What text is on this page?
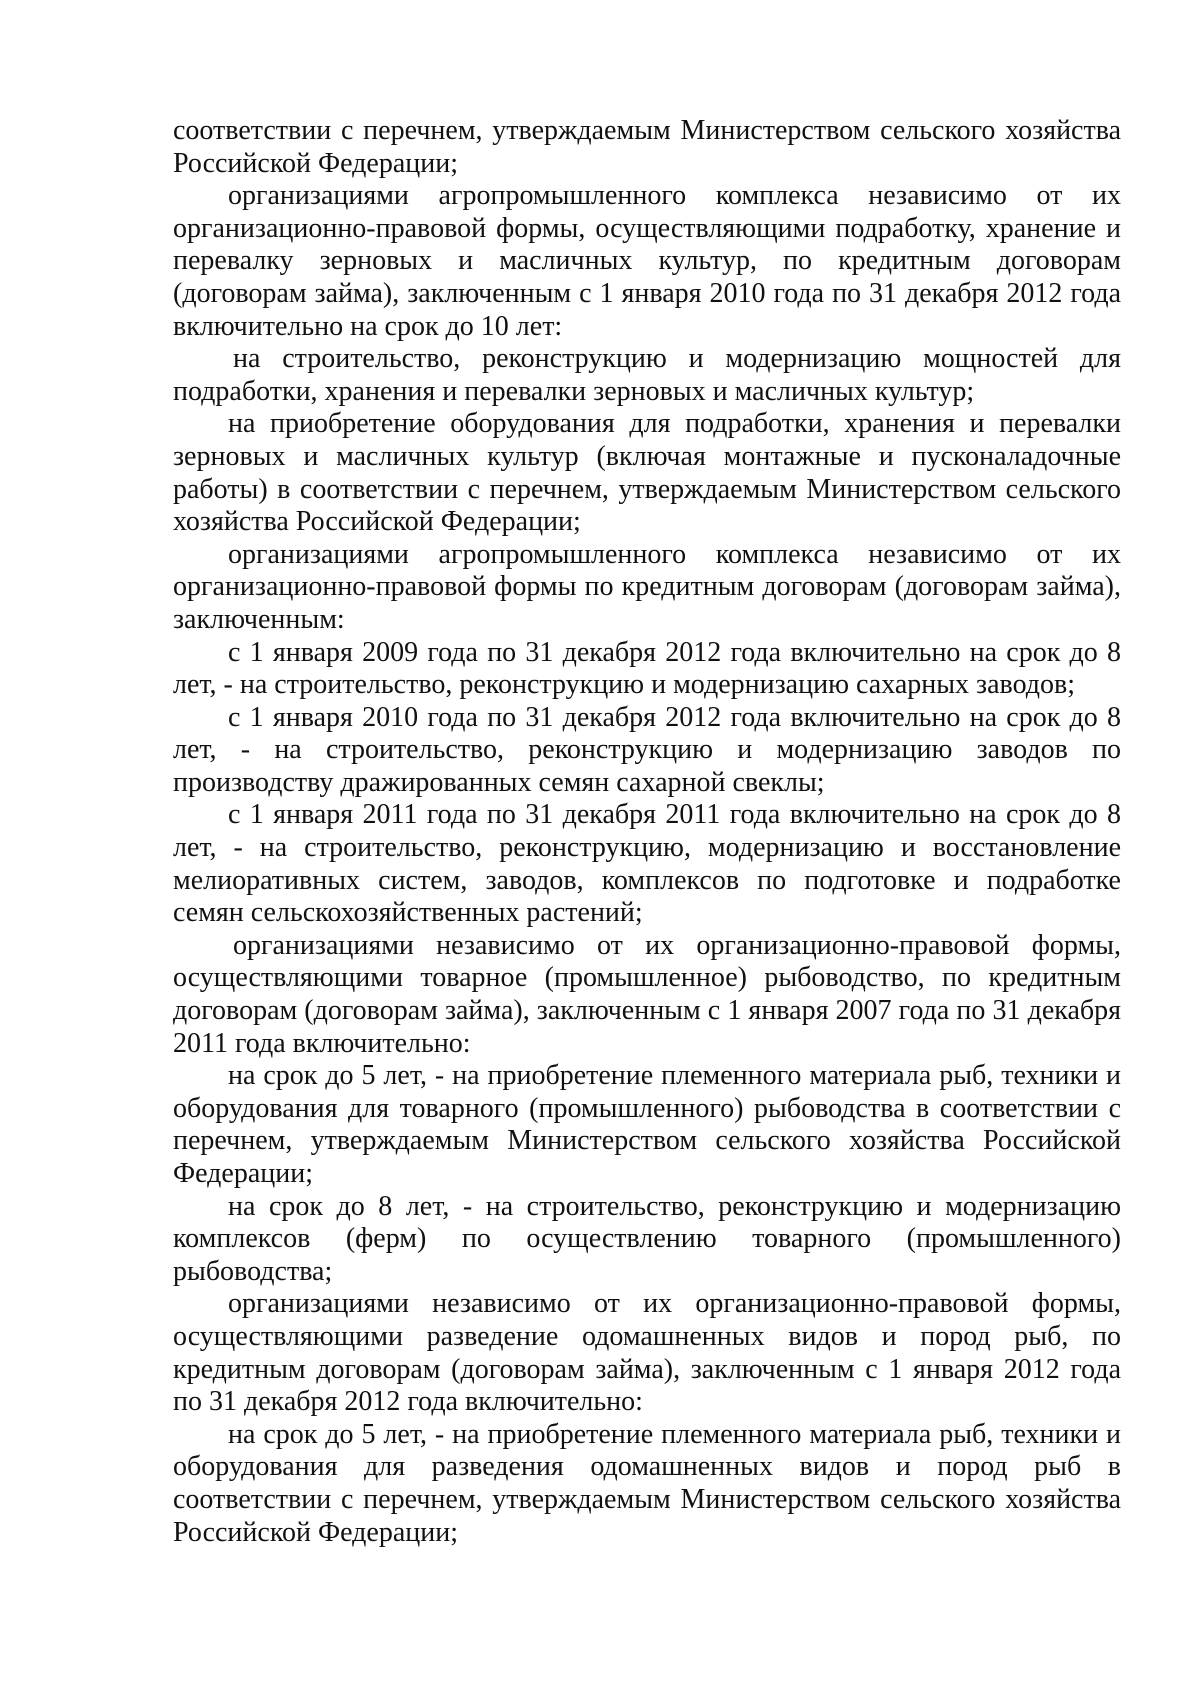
соответствии с перечнем, утверждаемым Министерством сельского хозяйства Российской Федерации;

организациями агропромышленного комплекса независимо от их организационно-правовой формы, осуществляющими подработку, хранение и перевалку зерновых и масличных культур, по кредитным договорам (договорам займа), заключенным с 1 января 2010 года по 31 декабря 2012 года включительно на срок до 10 лет:

на строительство, реконструкцию и модернизацию мощностей для подработки, хранения и перевалки зерновых и масличных культур;

на приобретение оборудования для подработки, хранения и перевалки зерновых и масличных культур (включая монтажные и пусконаладочные работы) в соответствии с перечнем, утверждаемым Министерством сельского хозяйства Российской Федерации;

организациями агропромышленного комплекса независимо от их организационно-правовой формы по кредитным договорам (договорам займа), заключенным:

с 1 января 2009 года по 31 декабря 2012 года включительно на срок до 8 лет, - на строительство, реконструкцию и модернизацию сахарных заводов;

с 1 января 2010 года по 31 декабря 2012 года включительно на срок до 8 лет, - на строительство, реконструкцию и модернизацию заводов по производству дражированных семян сахарной свеклы;

с 1 января 2011 года по 31 декабря 2011 года включительно на срок до 8 лет, - на строительство, реконструкцию, модернизацию и восстановление мелиоративных систем, заводов, комплексов по подготовке и подработке семян сельскохозяйственных растений;

организациями независимо от их организационно-правовой формы, осуществляющими товарное (промышленное) рыбоводство, по кредитным договорам (договорам займа), заключенным с 1 января 2007 года по 31 декабря 2011 года включительно:

на срок до 5 лет, - на приобретение племенного материала рыб, техники и оборудования для товарного (промышленного) рыбоводства в соответствии с перечнем, утверждаемым Министерством сельского хозяйства Российской Федерации;

на срок до 8 лет, - на строительство, реконструкцию и модернизацию комплексов (ферм) по осуществлению товарного (промышленного) рыбоводства;

организациями независимо от их организационно-правовой формы, осуществляющими разведение одомашненных видов и пород рыб, по кредитным договорам (договорам займа), заключенным с 1 января 2012 года по 31 декабря 2012 года включительно:

на срок до 5 лет, - на приобретение племенного материала рыб, техники и оборудования для разведения одомашненных видов и пород рыб в соответствии с перечнем, утверждаемым Министерством сельского хозяйства Российской Федерации;
